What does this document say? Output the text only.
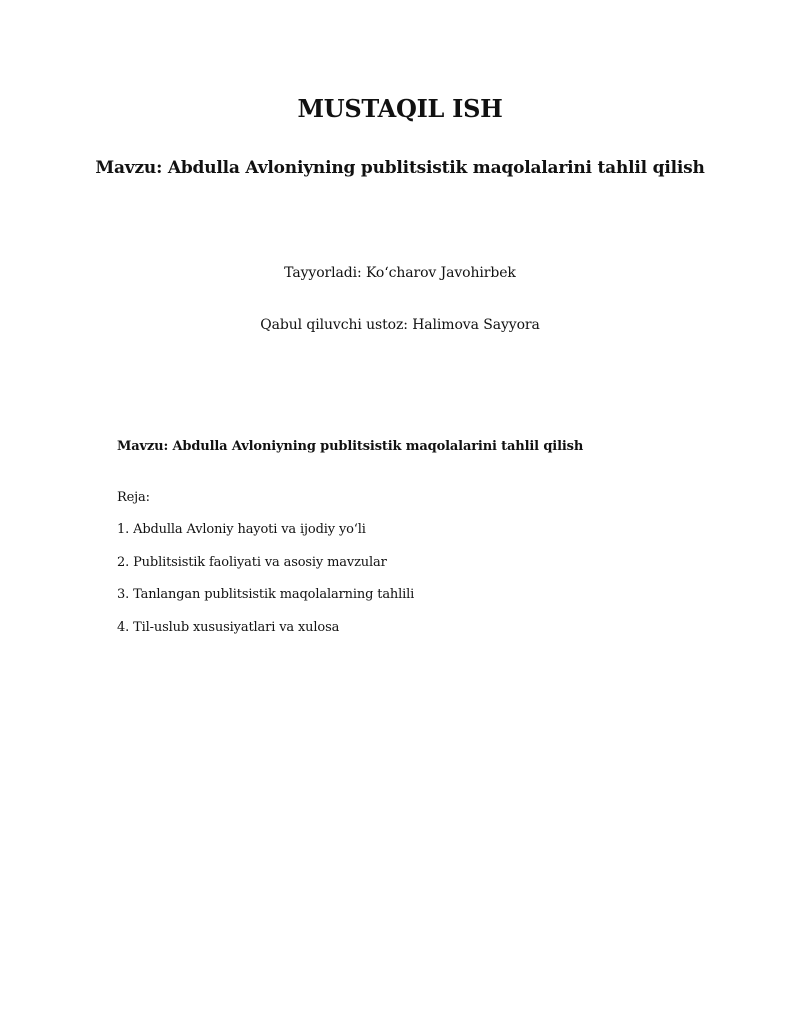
MUSTAQIL ISH
Mavzu: Abdulla Avloniyning publitsistik maqolalarini tahlil qilish
Tayyorladi: Ko‘charov Javohirbek
Qabul qiluvchi ustoz: Halimova Sayyora
Mavzu: Abdulla Avloniyning publitsistik maqolalarini tahlil qilish
Reja:
1. Abdulla Avloniy hayoti va ijodiy yo‘li
2. Publitsistik faoliyati va asosiy mavzular
3. Tanlangan publitsistik maqolalarning tahlili
4. Til-uslub xususiyatlari va xulosa
